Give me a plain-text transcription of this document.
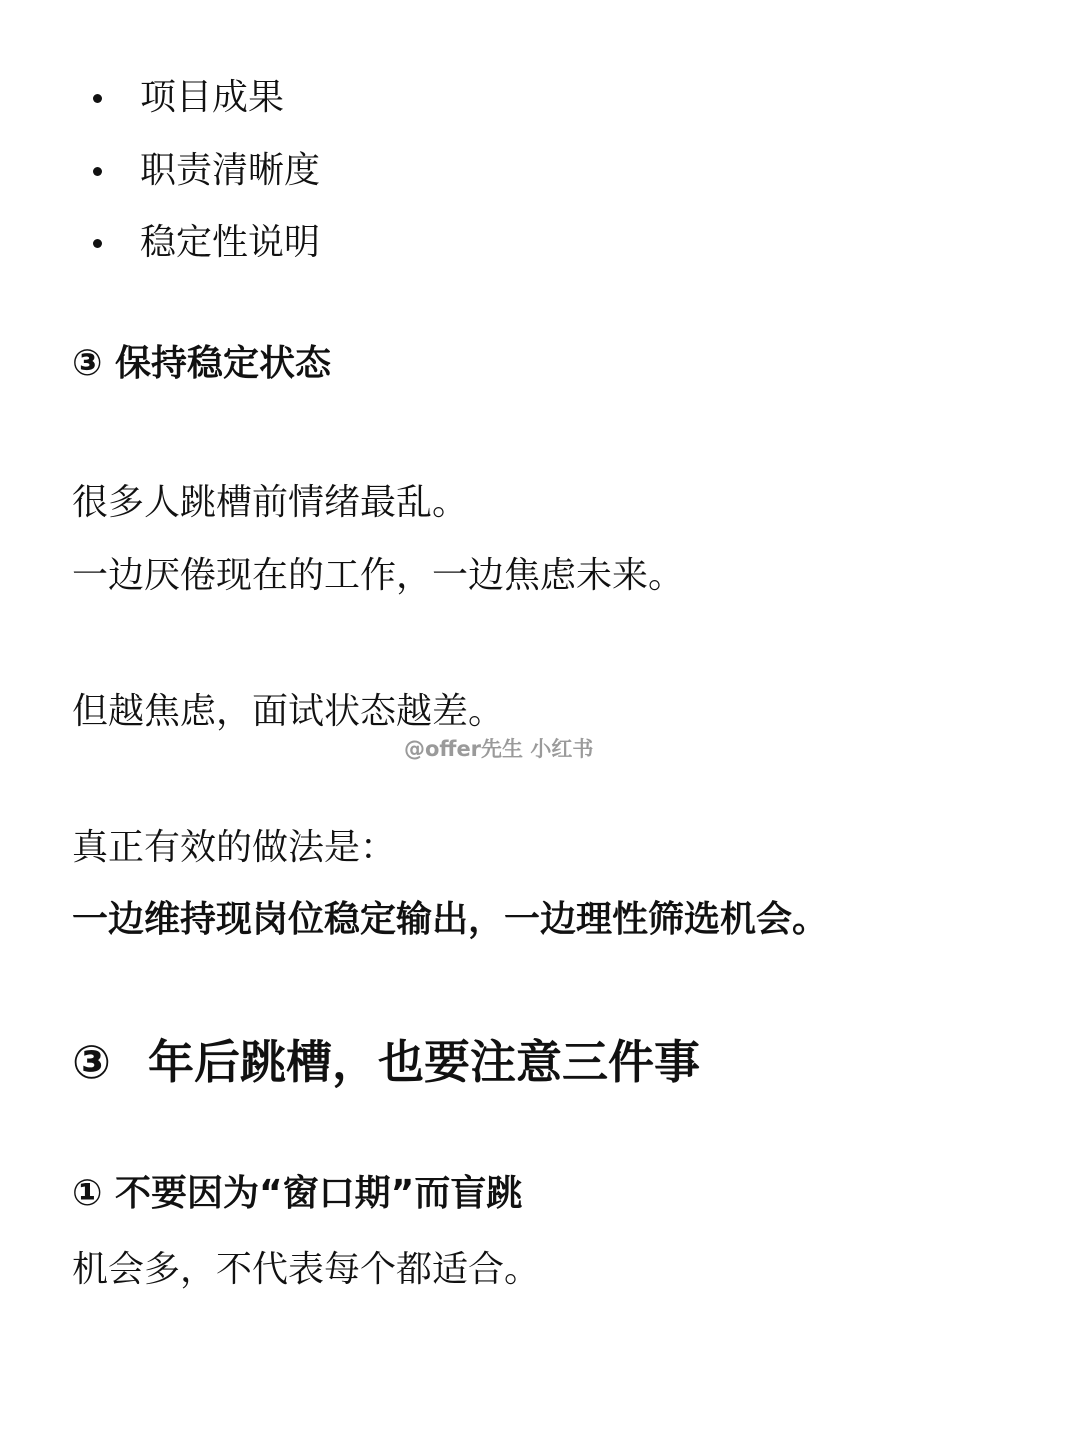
项目成果
职责清晰度
稳定性说明
③ 保持稳定状态
很多人跳槽前情绪最乱。
一边厌倦现在的工作，一边焦虑未来。
但越焦虑，面试状态越差。
@offer先生 小红书
真正有效的做法是：
一边维持现岗位稳定输出，一边理性筛选机会。
③ 年后跳槽，也要注意三件事
① 不要因为“窗口期”而盲跳
机会多，不代表每个都适合。
